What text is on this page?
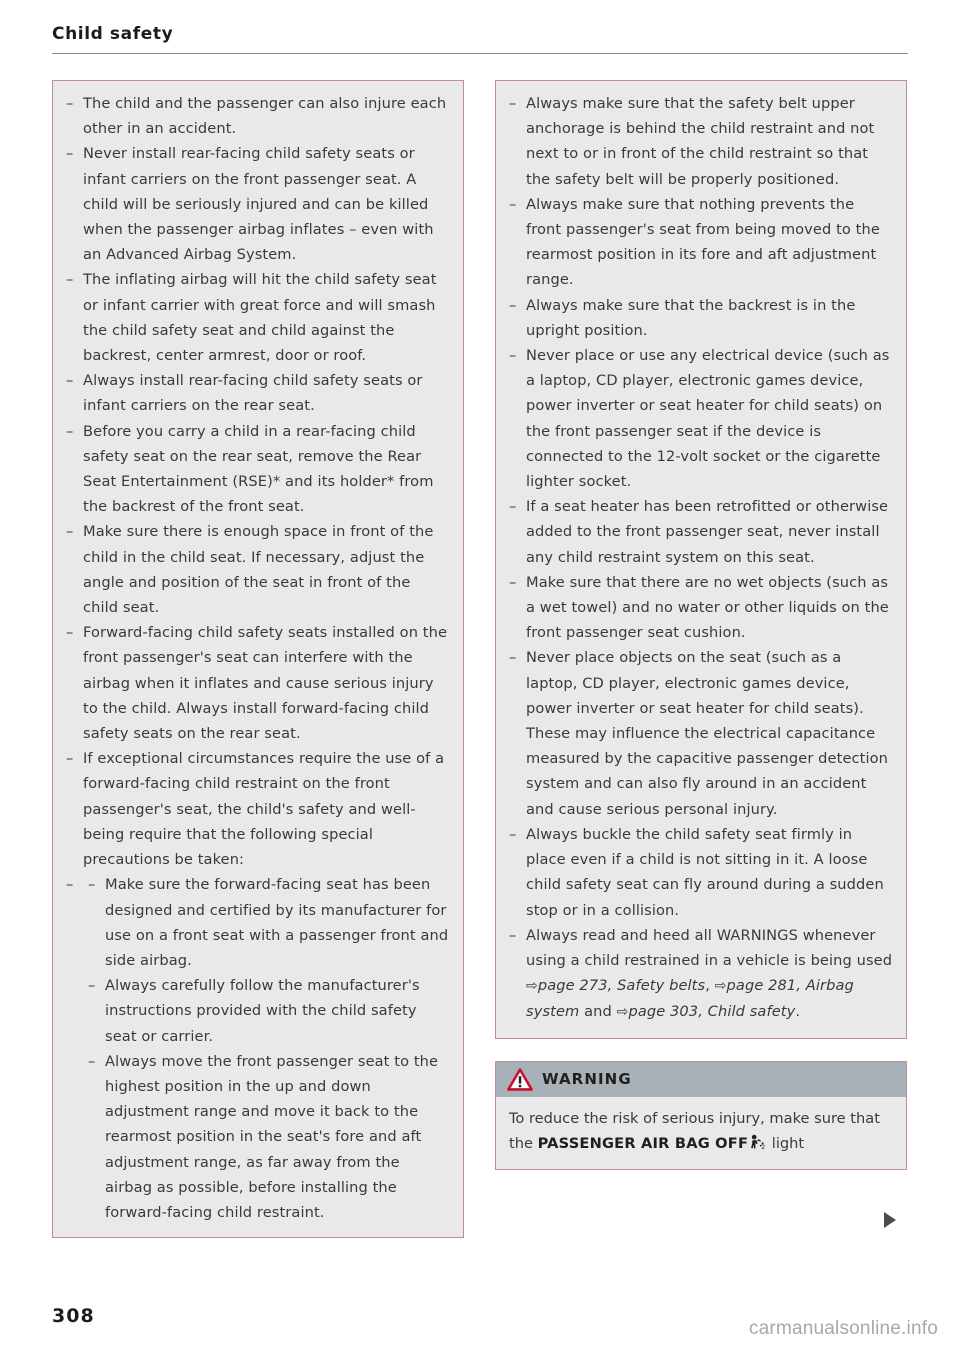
Child safety
– The child and the passenger can also injure each other in an accident.
– Never install rear-facing child safety seats or infant carriers on the front passenger seat. A child will be seriously injured and can be killed when the passenger airbag inflates – even with an Advanced Airbag System.
– The inflating airbag will hit the child safety seat or infant carrier with great force and will smash the child safety seat and child against the backrest, center armrest, door or roof.
– Always install rear-facing child safety seats or infant carriers on the rear seat.
– Before you carry a child in a rear-facing child safety seat on the rear seat, remove the Rear Seat Entertainment (RSE)* and its holder* from the backrest of the front seat.
– Make sure there is enough space in front of the child in the child seat. If necessary, adjust the angle and position of the seat in front of the child seat.
– Forward-facing child safety seats installed on the front passenger's seat can interfere with the airbag when it inflates and cause serious injury to the child. Always install forward-facing child safety seats on the rear seat.
– If exceptional circumstances require the use of a forward-facing child restraint on the front passenger's seat, the child's safety and well-being require that the following special precautions be taken:
– – Make sure the forward-facing seat has been designed and certified by its manufacturer for use on a front seat with a passenger front and side airbag.
– Always carefully follow the manufacturer's instructions provided with the child safety seat or carrier.
– Always move the front passenger seat to the highest position in the up and down adjustment range and move it back to the rearmost position in the seat's fore and aft adjustment range, as far away from the airbag as possible, before installing the forward-facing child restraint.
– Always make sure that the safety belt upper anchorage is behind the child restraint and not next to or in front of the child restraint so that the safety belt will be properly positioned.
– Always make sure that nothing prevents the front passenger's seat from being moved to the rearmost position in its fore and aft adjustment range.
– Always make sure that the backrest is in the upright position.
– Never place or use any electrical device (such as a laptop, CD player, electronic games device, power inverter or seat heater for child seats) on the front passenger seat if the device is connected to the 12-volt socket or the cigarette lighter socket.
– If a seat heater has been retrofitted or otherwise added to the front passenger seat, never install any child restraint system on this seat.
– Make sure that there are no wet objects (such as a wet towel) and no water or other liquids on the front passenger seat cushion.
– Never place objects on the seat (such as a laptop, CD player, electronic games device, power inverter or seat heater for child seats). These may influence the electrical capacitance measured by the capacitive passenger detection system and can also fly around in an accident and cause serious personal injury.
– Always buckle the child safety seat firmly in place even if a child is not sitting in it. A loose child safety seat can fly around during a sudden stop or in a collision.
– Always read and heed all WARNINGS whenever using a child restrained in a vehicle is being used ⇨page 273, Safety belts, ⇨page 281, Airbag system and ⇨page 303, Child safety.
WARNING
To reduce the risk of serious injury, make sure that the PASSENGER AIR BAG OFF 2 light
308
carmanualsonline.info
